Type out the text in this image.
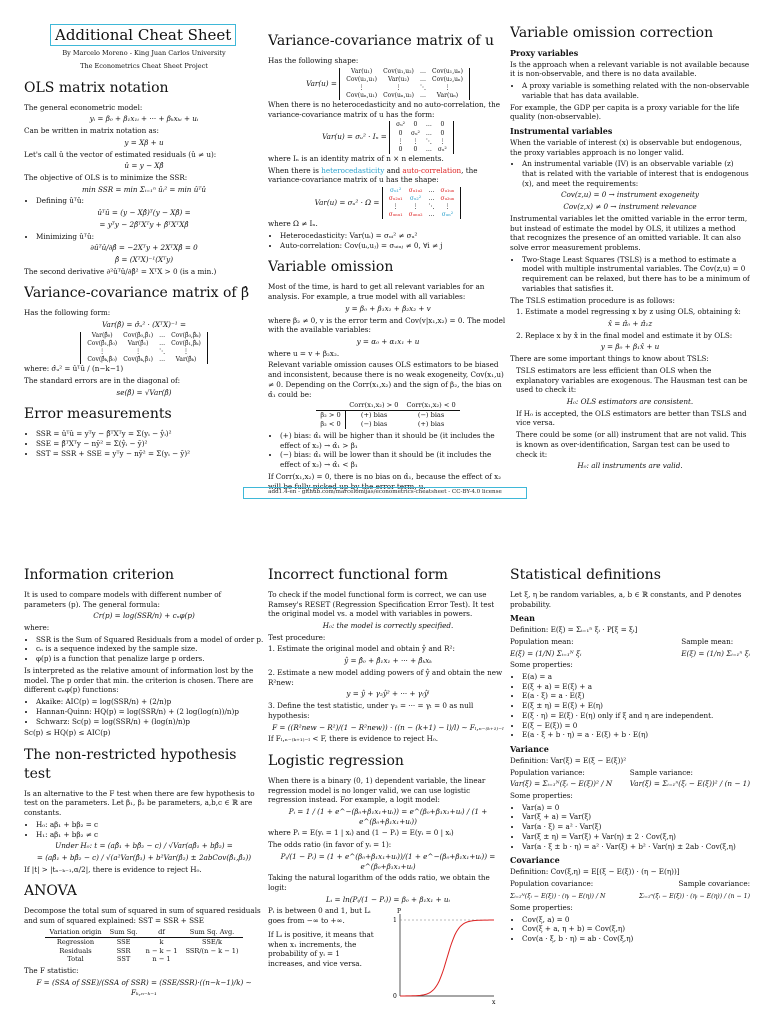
Additional Cheat Sheet

By Marcelo Moreno - King Juan Carlos University

The Econometrics Cheat Sheet Project

OLS matrix notation

The general econometric model:

yᵢ = β₀ + β₁x₁ᵢ + ··· + βₖxₖᵢ + uᵢ

Can be written in matrix notation as:

y = Xβ + u

Let's call û the vector of estimated residuals (û ≠ u):

û = y − Xβ̂

The objective of OLS is to minimize the SSR:

min SSR = min Σᵢ₌₁ⁿ ûᵢ² = min ûᵀû

• Defining ûᵀû:

ûᵀû = (y − Xβ̂)ᵀ(y − Xβ̂) =

= yᵀy − 2β̂ᵀXᵀy + β̂ᵀXᵀXβ̂

• Minimizing ûᵀû:

∂ûᵀû/∂β̂ = −2Xᵀy + 2XᵀXβ̂ = 0

β̂ = (XᵀX)⁻¹(Xᵀy)

The second derivative ∂²ûᵀû/∂β̂² = XᵀX > 0 (is a min.)

Variance-covariance matrix of β̂

Has the following form:

Var(β̂) = σ̂ᵤ² · (XᵀX)⁻¹ =

Var(β̂₀)	Cov(β̂₀,β̂₁)	…	Cov(β̂₀,β̂ₖ)
Cov(β̂₁,β̂₀)	Var(β̂₁)	…	Cov(β̂₁,β̂ₖ)
⋮	⋮	⋱	⋮
Cov(β̂ₖ,β̂₀)	Cov(β̂ₖ,β̂₁)	…	Var(β̂ₖ)

where: σ̂ᵤ² = ûᵀû / (n−k−1)

The standard errors are in the diagonal of:

se(β̂) = √Var(β̂)

Error measurements
• SSR = ûᵀû = yᵀy − β̂ᵀXᵀy = Σ(yᵢ − ŷᵢ)²
• SSE = β̂ᵀXᵀy − nȳ² = Σ(ŷᵢ − ȳ)²
• SST = SSR + SSE = yᵀy − nȳ² = Σ(yᵢ − ȳ)²
Variance-covariance matrix of u

Has the following shape:

Var(u) =
Var(u₁)	Cov(u₁,u₂)	…	Cov(u₁,uₙ)
Cov(u₂,u₁)	Var(u₂)	…	Cov(u₂,uₙ)
⋮	⋮	⋱	⋮
Cov(uₙ,u₁)	Cov(uₙ,u₂)	…	Var(uₙ)

When there is no heterocedasticity and no auto-correlation, the variance-covariance matrix of u has the form:

Var(u) = σᵤ² · Iₙ =
σᵤ²	0	…	0
0	σᵤ²	…	0
⋮	⋮	⋱	⋮
0	0	…	σᵤ²

where Iₙ is an identity matrix of n × n elements.

When there is heterocedasticity and auto-correlation, the variance-covariance matrix of u has the shape:

Var(u) = σᵤ² · Ω =
σᵤ₁²	σᵤ₁ᵤ₂	…	σᵤ₁ᵤₙ
σᵤ₂ᵤ₁	σᵤ₂²	…	σᵤ₂ᵤₙ
⋮	⋮	⋱	⋮
σᵤₙᵤ₁	σᵤₙᵤ₂	…	σᵤₙ²

where Ω ≠ Iₙ.

• Heterocedasticity: Var(uᵢ) = σᵤᵢ² ≠ σᵤ²
• Auto-correlation: Cov(uᵢ,uⱼ) = σᵤᵢᵤⱼ ≠ 0, ∀i ≠ j
Variable omission

Most of the time, is hard to get all relevant variables for an analysis. For example, a true model with all variables:

y = β₀ + β₁x₁ + β₂x₂ + v

where β₂ ≠ 0, v is the error term and Cov(v|x₁,x₂) = 0. The model with the available variables:

y = α₀ + α₁x₁ + u

where u = v + β₂x₂.

Relevant variable omission causes OLS estimators to be biased and inconsistent, because there is no weak exogeneity, Cov(x₁,u) ≠ 0. Depending on the Corr(x₁,x₂) and the sign of β₂, the bias on α̂₁ could be:

	Corr(x₁,x₂) > 0	Corr(x₁,x₂) < 0
β₂ > 0	(+) bias	(−) bias
β₂ < 0	(−) bias	(+) bias
• (+) bias: α̂₁ will be higher than it should be (it includes the effect of x₂) → α̂₁ > β₁
• (−) bias: α̂₁ will be lower than it should be (it includes the effect of x₂) → α̂₁ < β₁

If Corr(x₁,x₂) = 0, there is no bias on α̂₁, because the effect of x₂ will be fully picked up by the error term, u.

Variable omission correction
Proxy variables

Is the approach when a relevant variable is not available because it is non-observable, and there is no data available.

• A proxy variable is something related with the non-observable variable that has data available.

For example, the GDP per capita is a proxy variable for the life quality (non-observable).

Instrumental variables

When the variable of interest (x) is observable but endogenous, the proxy variables approach is no longer valid.

• An instrumental variable (IV) is an observable variable (z) that is related with the variable of interest that is endogenous (x), and meet the requirements:

Cov(z,u) = 0 → instrument exogeneity

Cov(z,x) ≠ 0 → instrument relevance

Instrumental variables let the omitted variable in the error term, but instead of estimate the model by OLS, it utilizes a method that recognizes the presence of an omitted variable. It can also solve error measurement problems.

• Two-Stage Least Squares (TSLS) is a method to estimate a model with multiple instrumental variables. The Cov(z,u) = 0 requirement can be relaxed, but there has to be a minimum of variables that satisfies it.

The TSLS estimation procedure is as follows:

1. Estimate a model regressing x by z using OLS, obtaining x̂:

x̂ = π̂₀ + π̂₁z

2. Replace x by x̂ in the final model and estimate it by OLS:

y = β₀ + β₁x̂ + u

There are some important things to know about TSLS:

TSLS estimators are less efficient than OLS when the explanatory variables are exogenous. The Hausman test can be used to check it:

H₀: OLS estimators are consistent.

If H₀ is accepted, the OLS estimators are better than TSLS and vice versa.

There could be some (or all) instrument that are not valid. This is known as over-identification, Sargan test can be used to check it:

H₀: all instruments are valid.

add1.4-en - github.com/marcelomijas/econometrics-cheatsheet - CC-BY-4.0 license
Information criterion

It is used to compare models with different number of parameters (p). The general formula:

Cr(p) = log(SSR/n) + cₙφ(p)

where:

• SSR is the Sum of Squared Residuals from a model of order p.
• cₙ is a sequence indexed by the sample size.
• φ(p) is a function that penalize large p orders.

Is interpreted as the relative amount of information lost by the model. The p order that min. the criterion is chosen. There are different cₙφ(p) functions:

• Akaike: AIC(p) = log(SSR/n) + (2/n)p
• Hannan-Quinn: HQ(p) = log(SSR/n) + (2 log(log(n))/n)p
• Schwarz: Sc(p) = log(SSR/n) + (log(n)/n)p

Sc(p) ≤ HQ(p) ≤ AIC(p)

The non-restricted hypothesis test

Is an alternative to the F test when there are few hypothesis to test on the parameters. Let β₁, β₂ be parameters, a,b,c ∈ ℝ are constants.

• H₀: aβ₁ + bβ₂ = c
• H₁: aβ₁ + bβ₂ ≠ c

Under H₀: t = (aβ̂₁ + bβ̂₂ − c) / √Var(aβ̂₁ + bβ̂₂) =

= (aβ̂₁ + bβ̂₂ − c) / √(a²Var(β̂₁) + b²Var(β̂₂) ± 2abCov(β̂₁,β̂₂))

If |t| > |tₙ₋ₖ₋₁,α/2|, there is evidence to reject H₀.

ANOVA

Decompose the total sum of squared in sum of squared residuals and sum of squared explained: SST = SSR + SSE

Variation origin	Sum Sq.	df	Sum Sq. Avg.
Regression	SSE	k	SSE/k
Residuals	SSR	n − k − 1	SSR/(n − k − 1)
Total	SST	n − 1	

The F statistic:

F = (SSA of SSE)/(SSA of SSR) = (SSE/SSR)·((n−k−1)/k) ∼ Fₖ,ₙ₋ₖ₋₁

Incorrect functional form

To check if the model functional form is correct, we can use Ramsey's RESET (Regression Specification Error Test). It test the original model vs. a model with variables in powers.

H₀: the model is correctly specified.

Test procedure:

1. Estimate the original model and obtain ŷ and R²:

ŷ = β̂₀ + β̂₁x₁ + ··· + β̂ₖxₖ

2. Estimate a new model adding powers of ŷ and obtain the new R²new:

y = ŷ + γ₂ŷ² + ··· + γₗŷˡ

3. Define the test statistic, under γ₂ = ··· = γₗ = 0 as null hypothesis:

F = ((R²new − R²)/(1 − R²new)) · ((n − (k+1) − l)/l) ∼ Fₗ,ₙ₋₍ₖ₊₁₎₋ₗ

If Fₗ,ₙ₋₍ₖ₊₁₎₋ₗ < F, there is evidence to reject H₀.

Logistic regression

When there is a binary (0, 1) dependent variable, the linear regression model is no longer valid, we can use logistic regression instead. For example, a logit model:

Pᵢ = 1 / (1 + e^−(β₀+β₁x₁+uᵢ)) = e^(β₀+β₁x₁+uᵢ) / (1 + e^(β₀+β₁x₁+uᵢ))

where Pᵢ = E(yᵢ = 1 | xᵢ) and (1 − Pᵢ) = E(yᵢ = 0 | xᵢ)

The odds ratio (in favor of yᵢ = 1):

Pᵢ/(1 − Pᵢ) = (1 + e^(β₀+β₁x₁+uᵢ))/(1 + e^−(β₀+β₁x₁+uᵢ)) = e^(β₀+β₁x₁+uᵢ)

Taking the natural logarithm of the odds ratio, we obtain the logit:

Lᵢ = ln(Pᵢ/(1 − Pᵢ)) = β₀ + β₁x₁ + uᵢ

Pᵢ is between 0 and 1, but Lᵢ goes from −∞ to +∞.

If Lᵢ is positive, it means that when x₁ increments, the probability of yᵢ = 1 increases, and vice versa.

0
1
P
x
Statistical definitions

Let ξ, η be random variables, a, b ∈ ℝ constants, and P denotes probability.

Mean

Definition: E(ξ) = Σᵢ₌₁ⁿ ξᵢ · P[ξ = ξᵢ]

Population mean:

E(ξ) = (1/N) Σᵢ₌₁ᴺ ξᵢ

Sample mean:

E(ξ) = (1/n) Σᵢ₌₁ⁿ ξᵢ

Some properties:

• E(a) = a
• E(ξ + a) = E(ξ) + a
• E(a · ξ) = a · E(ξ)
• E(ξ ± η) = E(ξ) + E(η)
• E(ξ · η) = E(ξ) · E(η) only if ξ and η are independent.
• E(ξ − E(ξ)) = 0
• E(a · ξ + b · η) = a · E(ξ) + b · E(η)
Variance

Definition: Var(ξ) = E(ξ − E(ξ))²

Population variance:

Var(ξ) = Σᵢ₌₁ᴺ(ξᵢ − E(ξ))² / N

Sample variance:

Var(ξ) = Σᵢ₌₁ⁿ(ξᵢ − E(ξ))² / (n − 1)

Some properties:

• Var(a) = 0
• Var(ξ + a) = Var(ξ)
• Var(a · ξ) = a² · Var(ξ)
• Var(ξ ± η) = Var(ξ) + Var(η) ± 2 · Cov(ξ,η)
• Var(a · ξ ± b · η) = a² · Var(ξ) + b² · Var(η) ± 2ab · Cov(ξ,η)
Covariance

Definition: Cov(ξ,η) = E[(ξ − E(ξ)) · (η − E(η))]

Population covariance:	Sample covariance:

Σᵢ₌₁ᴺ(ξᵢ − E(ξ)) · (ηᵢ − E(η)) / N	Σᵢ₌₁ⁿ(ξᵢ − E(ξ)) · (ηᵢ − E(η)) / (n − 1)

Some properties:

• Cov(ξ, a) = 0
• Cov(ξ + a, η + b) = Cov(ξ,η)
• Cov(a · ξ, b · η) = ab · Cov(ξ,η)
